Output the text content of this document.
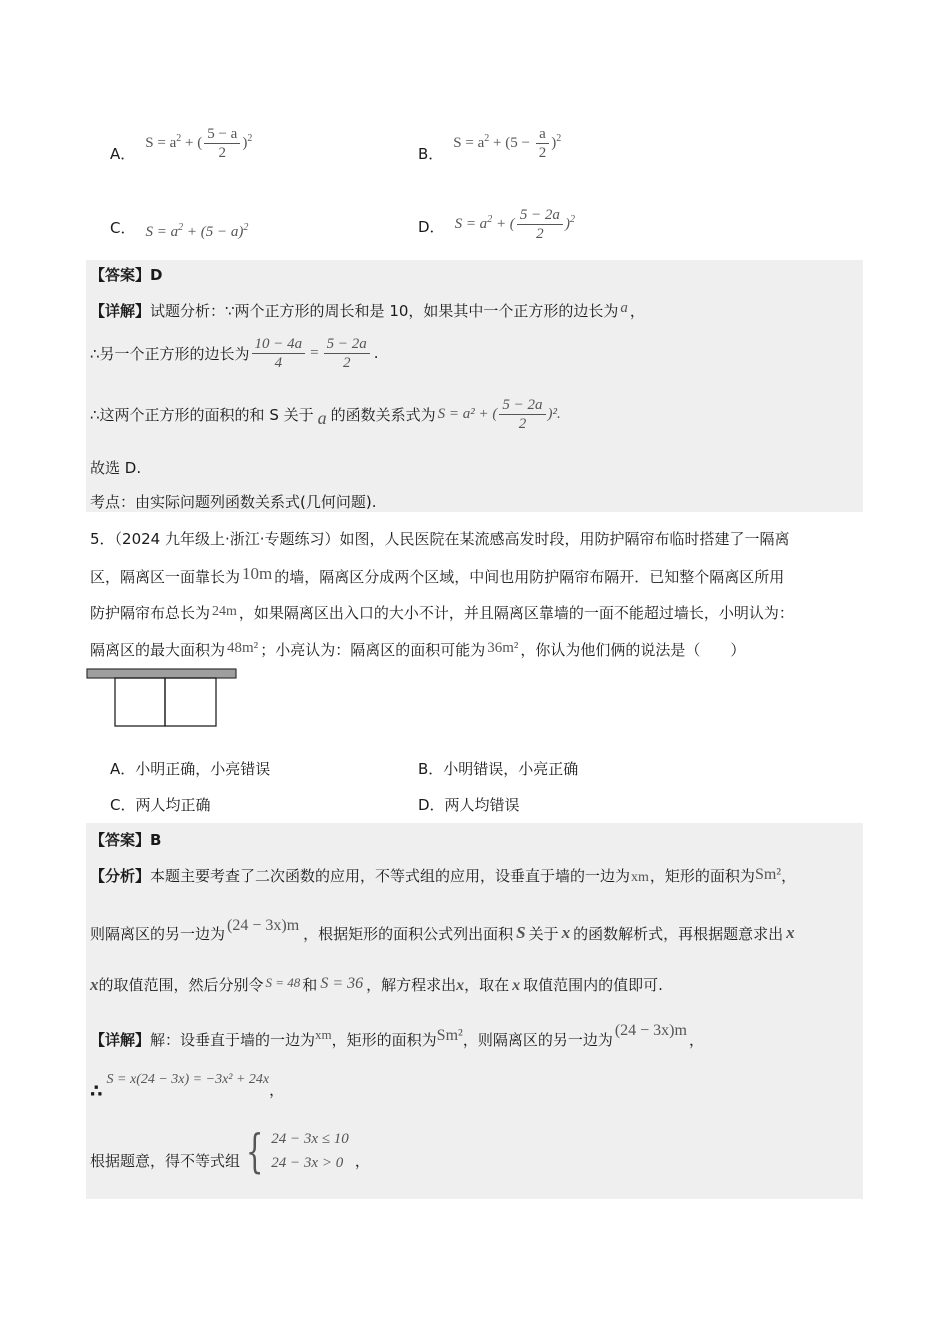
A．
$S = a^2$ + ( $\frac{5 - a}{2} )^2$
B．
$S = a^2 + (5 - \frac{a}{2} )^2$
C． $S = a^2 + (5 - a)^2$	D． $S = a^2$ + ( $\frac{5 - 2a}{2} )^2$
【答案】D
【详解】试题分析：∵两个正方形的周长和是 10，如果其中一个正方形的边长为 a ，
∴另一个正方形的边长为 $\frac{10 - 4a}{4} = \frac{5 - 2a}{2}$ .
∴这两个正方形的面积的和 S 关于 a 的函数关系式为 S = a² + ( $\frac{5 - 2a}{2} )^2$.
故选 D.
考点：由实际问题列函数关系式(几何问题).
5．（2024 九年级上·浙江·专题练习）如图，人民医院在某流感高发时段，用防护隔帘布临时搭建了一隔离
区，隔离区一面靠长为 10m 的墙，隔离区分成两个区域，中间也用防护隔帘布隔开．已知整个隔离区所用
防护隔帘布总长为 24m ，如果隔离区出入口的大小不计，并且隔离区靠墙的一面不能超过墙长，小明认为：
隔离区的最大面积为 48m² ；小亮认为：隔离区的面积可能为 36m² ，你认为他们俩的说法是（　　）
A．小明正确，小亮错误	B．小明错误，小亮正确
C．两人均正确	D．两人均错误
【答案】B
【分析】本题主要考查了二次函数的应用，不等式组的应用，设垂直于墙的一边为xm，矩形的面积为Sm²，
则隔离区的另一边为 (24 − 3x)m ，根据矩形的面积公式列出面积 S 关于 x 的函数解析式，再根据题意求出 x
x的取值范围，然后分别令 S = 48 和 S = 36 ，解方程求出x，取在 x 取值范围内的值即可.
【详解】解：设垂直于墙的一边为xm，矩形的面积为Sm²，则隔离区的另一边为(24 − 3x)m，
∴
S = x(24 − 3x) = −3x² + 24x
，
根据题意，得不等式组 { 24 − 3x ≤ 10
24 − 3x > 0 ，
